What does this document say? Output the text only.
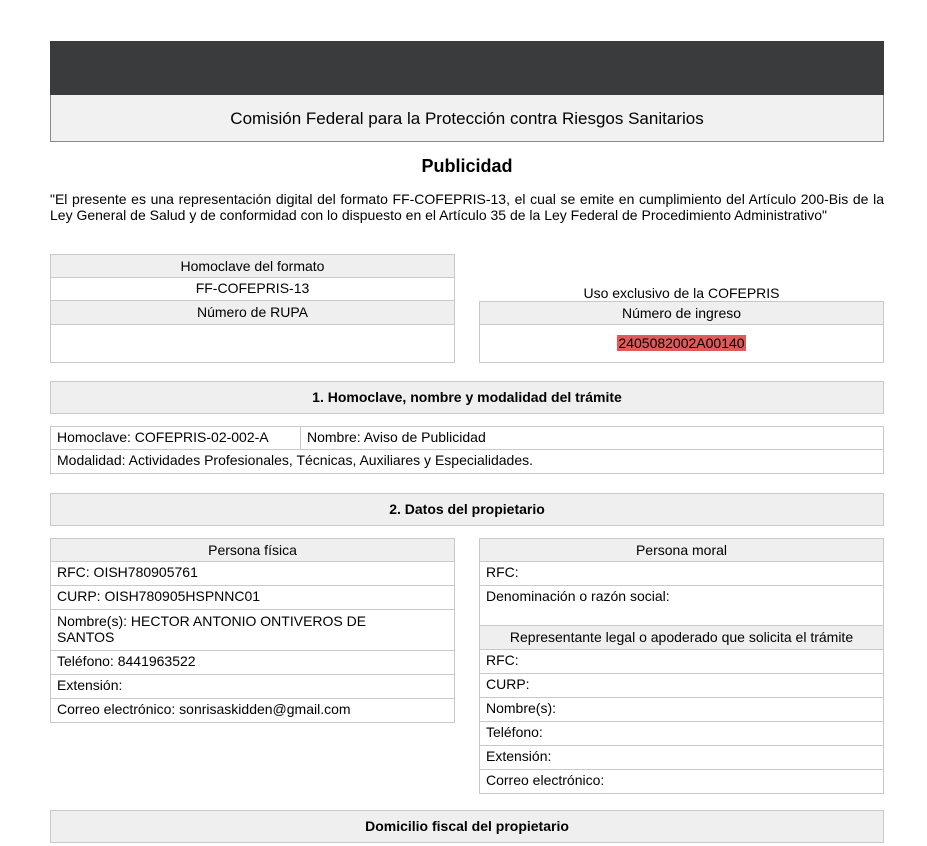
Comisión Federal para la Protección contra Riesgos Sanitarios
Publicidad
"El presente es una representación digital del formato FF-COFEPRIS-13, el cual se emite en cumplimiento del Artículo 200-Bis de la Ley General de Salud y de conformidad con lo dispuesto en el Artículo 35 de la Ley Federal de Procedimiento Administrativo"
Homoclave del formato
FF-COFEPRIS-13
Número de RUPA
Uso exclusivo de la COFEPRIS
Número de ingreso
2405082002A00140
1. Homoclave, nombre y modalidad del trámite
Homoclave: COFEPRIS-02-002-A	Nombre: Aviso de Publicidad
Modalidad: Actividades Profesionales, Técnicas, Auxiliares y Especialidades.
2. Datos del propietario
Persona física
RFC: OISH780905761
CURP: OISH780905HSPNNC01
Nombre(s): HECTOR ANTONIO ONTIVEROS DE SANTOS
Teléfono: 8441963522
Extensión:
Correo electrónico: sonrisaskidden@gmail.com
Persona moral
RFC:
Denominación o razón social:
Representante legal o apoderado que solicita el trámite
RFC:
CURP:
Nombre(s):
Teléfono:
Extensión:
Correo electrónico:
Domicilio fiscal del propietario
